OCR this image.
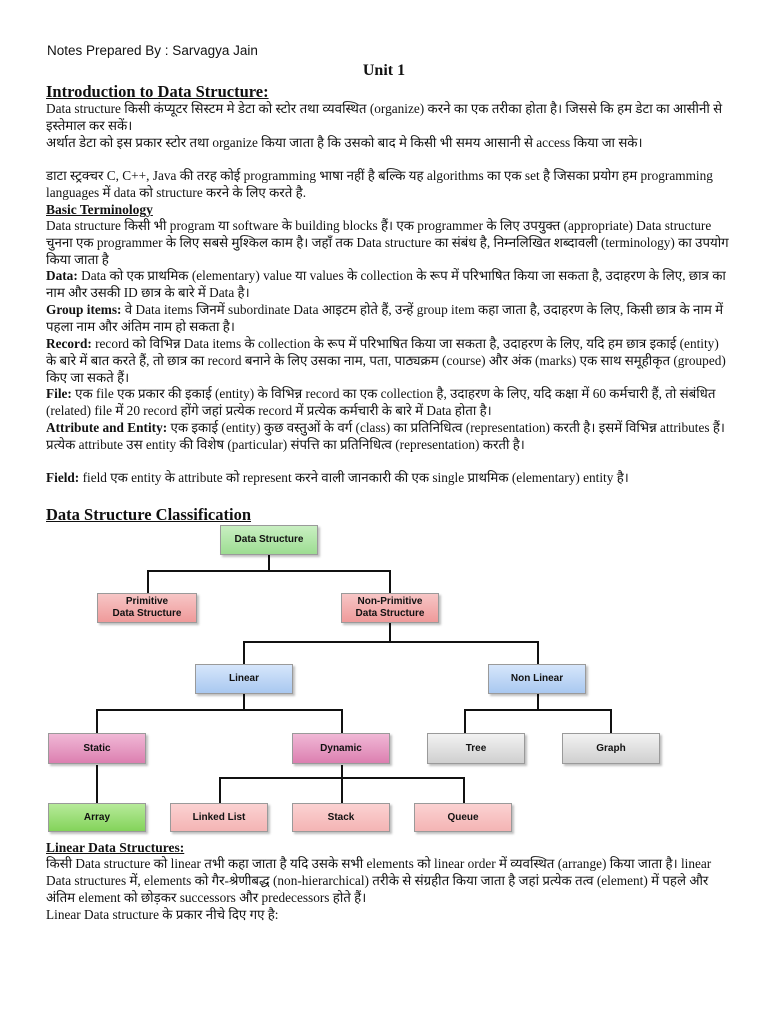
Notes Prepared By : Sarvagya Jain
Unit 1
Introduction to Data Structure:
Data structure किसी कंप्यूटर सिस्टम मे डेटा को स्टोर तथा व्यवस्थित (organize) करने का एक तरीका होता है। जिससे कि हम डेटा का आसीनी से इस्तेमाल कर सकें।
अर्थात डेटा को इस प्रकार स्टोर तथा organize किया जाता है कि उसको बाद मे किसी भी समय आसानी से access किया जा सके।
डाटा स्ट्रक्चर C, C++, Java की तरह कोई programming भाषा नहीं है बल्कि यह algorithms का एक set है जिसका प्रयोग हम programming languages में data को structure करने के लिए करते है.
Basic Terminology
Data structure किसी भी program या software के building blocks हैं। एक programmer के लिए उपयुक्त (appropriate) Data structure चुनना एक programmer के लिए सबसे मुश्किल काम है। जहाँ तक Data structure का संबंध है, निम्नलिखित शब्दावली (terminology) का उपयोग किया जाता है
Data: Data को एक प्राथमिक (elementary) value या values के collection के रूप में परिभाषित किया जा सकता है, उदाहरण के लिए, छात्र का नाम और उसकी ID छात्र के बारे में Data है।
Group items: वे Data items जिनमें subordinate Data आइटम होते हैं, उन्हें group item कहा जाता है, उदाहरण के लिए, किसी छात्र के नाम में पहला नाम और अंतिम नाम हो सकता है।
Record: record को विभिन्न Data items के collection के रूप में परिभाषित किया जा सकता है, उदाहरण के लिए, यदि हम छात्र इकाई (entity) के बारे में बात करते हैं, तो छात्र का record बनाने के लिए उसका नाम, पता, पाठ्यक्रम (course) और अंक (marks) एक साथ समूहीकृत (grouped) किए जा सकते हैं।
File: एक file एक प्रकार की इकाई (entity) के विभिन्न record का एक collection है, उदाहरण के लिए, यदि कक्षा में 60 कर्मचारी हैं, तो संबंधित (related) file में 20 record होंगे जहां प्रत्येक record में प्रत्येक कर्मचारी के बारे में Data होता है।
Attribute and Entity: एक इकाई (entity) कुछ वस्तुओं के वर्ग (class) का प्रतिनिधित्व (representation) करती है। इसमें विभिन्न attributes हैं। प्रत्येक attribute उस entity की विशेष (particular) संपत्ति का प्रतिनिधित्व (representation) करती है।
Field: field एक entity के attribute को represent करने वाली जानकारी की एक single प्राथमिक (elementary) entity है।
Data Structure Classification
Data Structure
Primitive
Data Structure
Non-Primitive
Data Structure
Linear	Non Linear
Static	Dynamic	Tree	Graph
Array	Linked List	Stack	Queue
Linear Data Structures:
किसी Data structure को linear तभी कहा जाता है यदि उसके सभी elements को linear order में व्यवस्थित (arrange) किया जाता है। linear Data structures में, elements को गैर-श्रेणीबद्ध (non-hierarchical) तरीके से संग्रहीत किया जाता है जहां प्रत्येक तत्व (element) में पहले और अंतिम element को छोड़कर successors और predecessors होते हैं।
Linear Data structure के प्रकार नीचे दिए गए है:
